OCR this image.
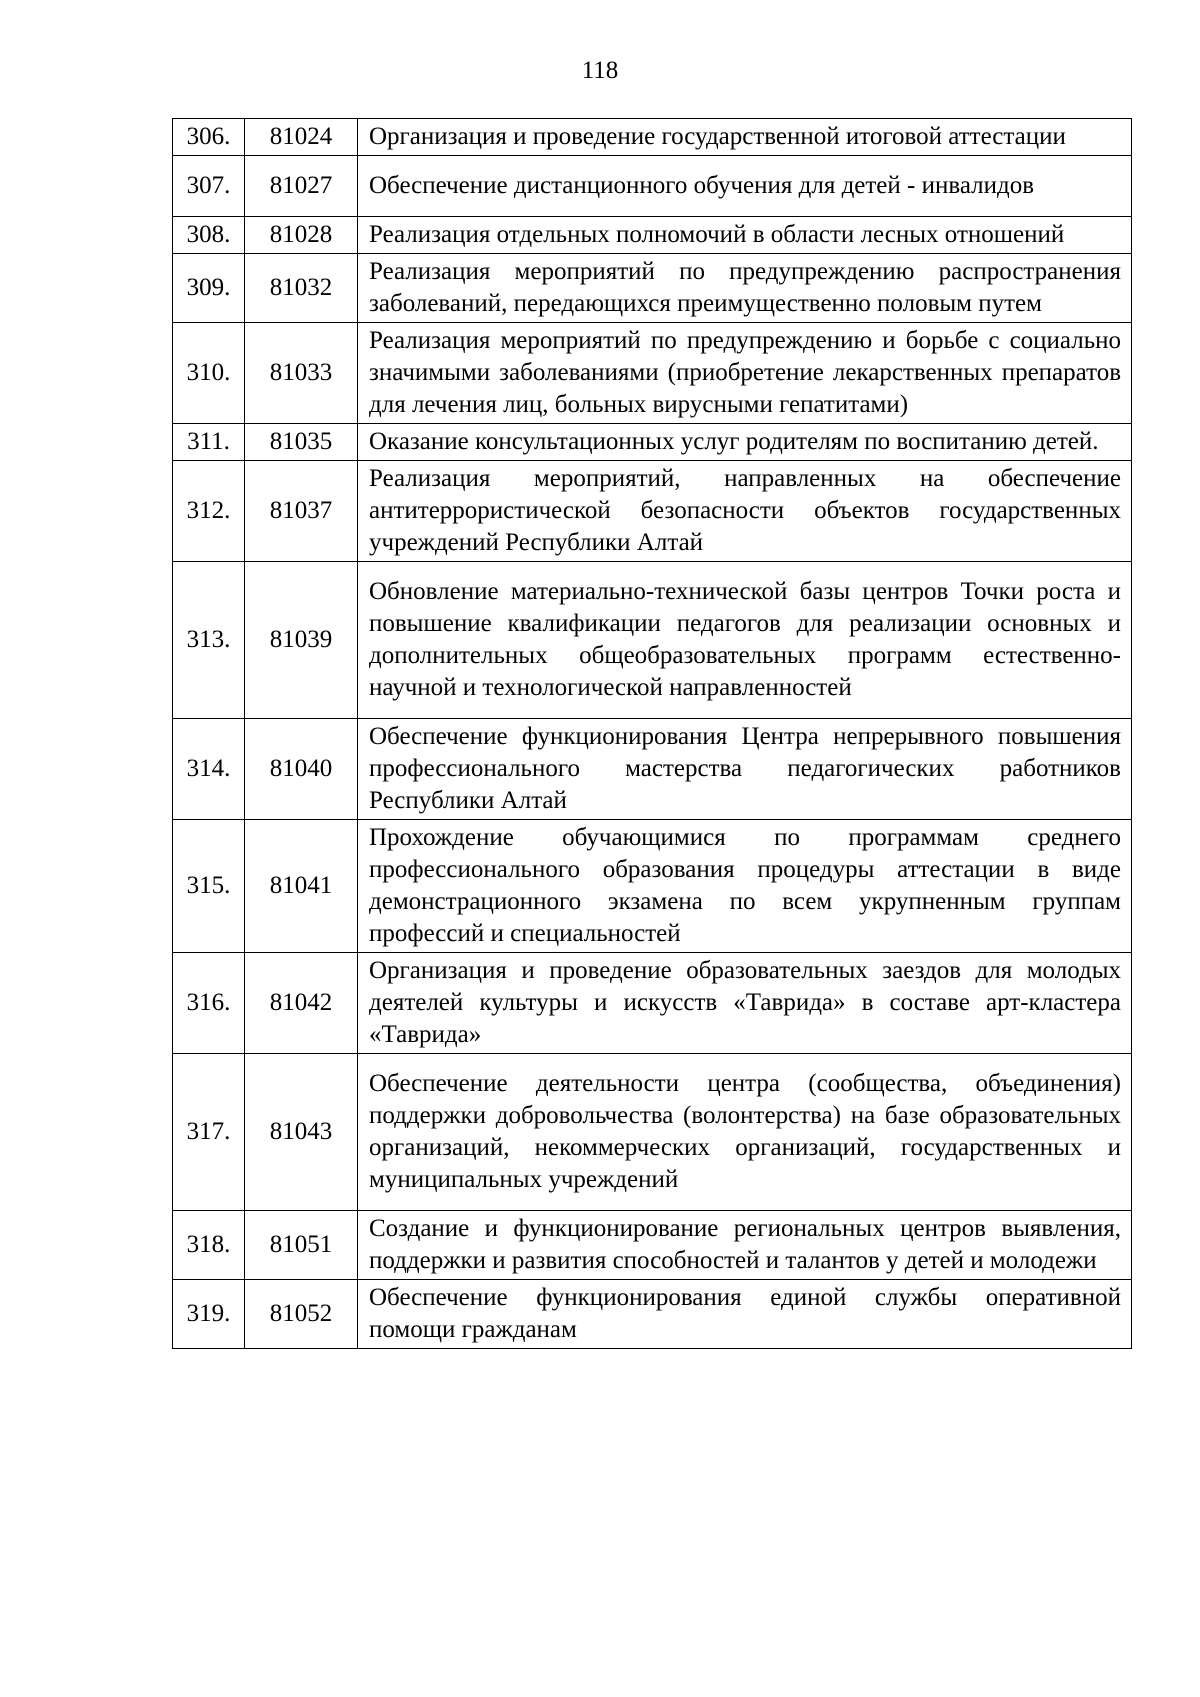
118
306.	81024	Организация и проведение государственной итоговой аттестации
307.	81027	Обеспечение дистанционного обучения для детей - инвалидов
308.	81028	Реализация отдельных полномочий в области лесных отношений
309.	81032	Реализация мероприятий по предупреждению распространения заболеваний, передающихся преимущественно половым путем
310.	81033	Реализация мероприятий по предупреждению и борьбе с социально значимыми заболеваниями (приобретение лекарственных препаратов для лечения лиц, больных вирусными гепатитами)
311.	81035	Оказание консультационных услуг родителям по воспитанию детей.
312.	81037	Реализация мероприятий, направленных на обеспечение антитеррористической безопасности объектов государственных учреждений Республики Алтай
313.	81039	Обновление материально-технической базы центров Точки роста и повышение квалификации педагогов для реализации основных и дополнительных общеобразовательных программ естественно-научной и технологической направленностей
314.	81040	Обеспечение функционирования Центра непрерывного повышения профессионального мастерства педагогических работников Республики Алтай
315.	81041	Прохождение обучающимися по программам среднего профессионального образования процедуры аттестации в виде демонстрационного экзамена по всем укрупненным группам профессий и специальностей
316.	81042	Организация и проведение образовательных заездов для молодых деятелей культуры и искусств «Таврида» в составе арт-кластера «Таврида»
317.	81043	Обеспечение деятельности центра (сообщества, объединения) поддержки добровольчества (волонтерства) на базе образовательных организаций, некоммерческих организаций, государственных и муниципальных учреждений
318.	81051	Создание и функционирование региональных центров выявления, поддержки и развития способностей и талантов у детей и молодежи
319.	81052	Обеспечение функционирования единой службы оперативной помощи гражданам
